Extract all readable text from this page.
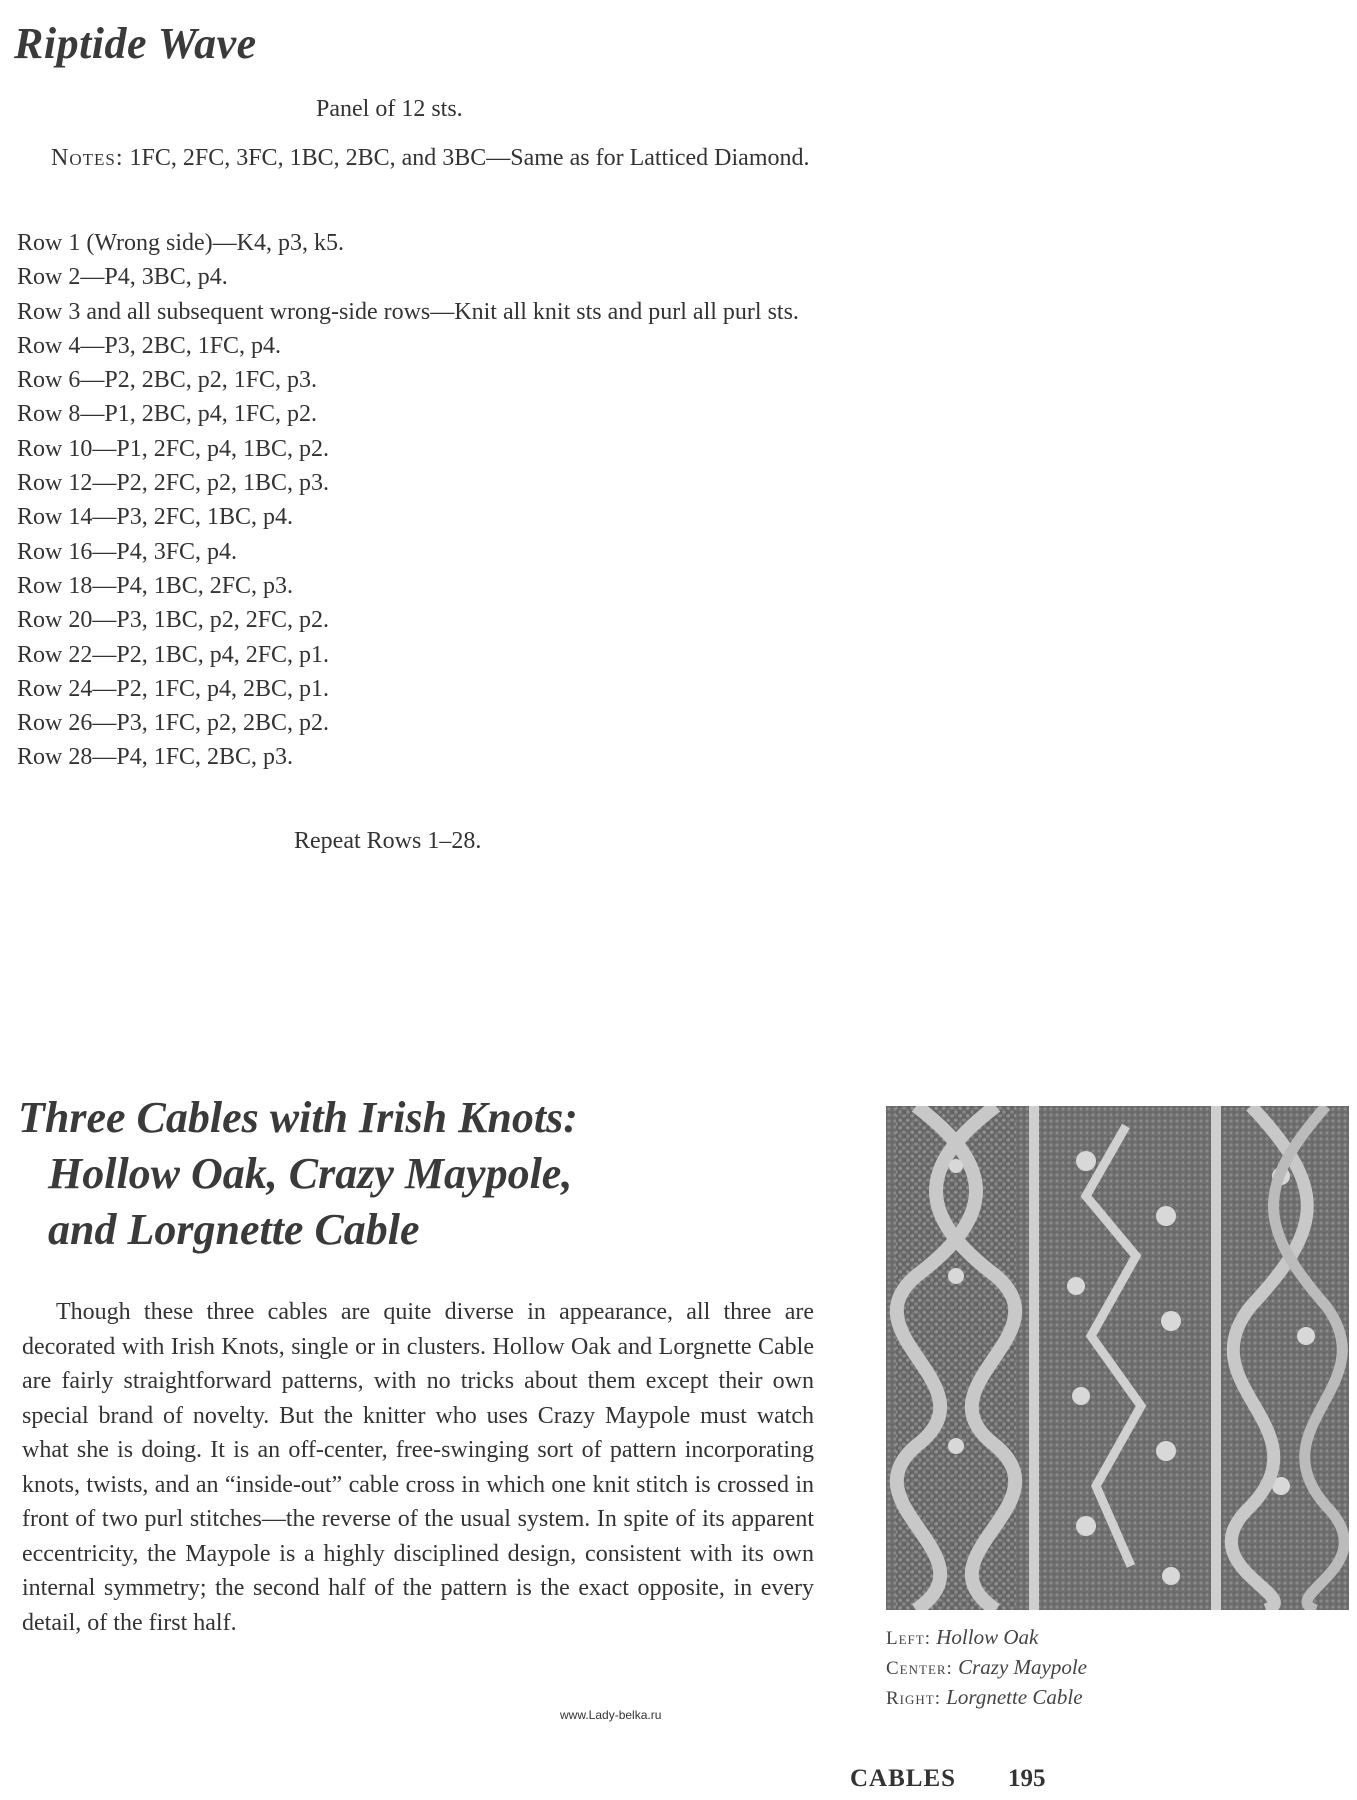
Riptide Wave
Panel of 12 sts.

Notes: 1FC, 2FC, 3FC, 1BC, 2BC, and 3BC—Same as for Latticed Diamond.

Row 1 (Wrong side)—K4, p3, k5.
Row 2—P4, 3BC, p4.
Row 3 and all subsequent wrong-side rows—Knit all knit sts and purl all purl sts.
Row 4—P3, 2BC, 1FC, p4.
Row 6—P2, 2BC, p2, 1FC, p3.
Row 8—P1, 2BC, p4, 1FC, p2.
Row 10—P1, 2FC, p4, 1BC, p2.
Row 12—P2, 2FC, p2, 1BC, p3.
Row 14—P3, 2FC, 1BC, p4.
Row 16—P4, 3FC, p4.
Row 18—P4, 1BC, 2FC, p3.
Row 20—P3, 1BC, p2, 2FC, p2.
Row 22—P2, 1BC, p4, 2FC, p1.
Row 24—P2, 1FC, p4, 2BC, p1.
Row 26—P3, 1FC, p2, 2BC, p2.
Row 28—P4, 1FC, 2BC, p3.
Repeat Rows 1–28.
Three Cables with Irish Knots:
Hollow Oak, Crazy Maypole,
and Lorgnette Cable

Though these three cables are quite diverse in appearance, all three are decorated with Irish Knots, single or in clusters. Hollow Oak and Lorgnette Cable are fairly straightforward patterns, with no tricks about them except their own special brand of novelty. But the knitter who uses Crazy Maypole must watch what she is doing. It is an off-center, free-swinging sort of pattern incorporating knots, twists, and an “inside-out” cable cross in which one knit stitch is crossed in front of two purl stitches—the reverse of the usual system. In spite of its apparent eccentricity, the Maypole is a highly disciplined design, consistent with its own internal symmetry; the second half of the pattern is the exact opposite, in every detail, of the first half.

Left: Hollow Oak
Center: Crazy Maypole
Right: Lorgnette Cable
www.Lady-belka.ru
CABLES 195
